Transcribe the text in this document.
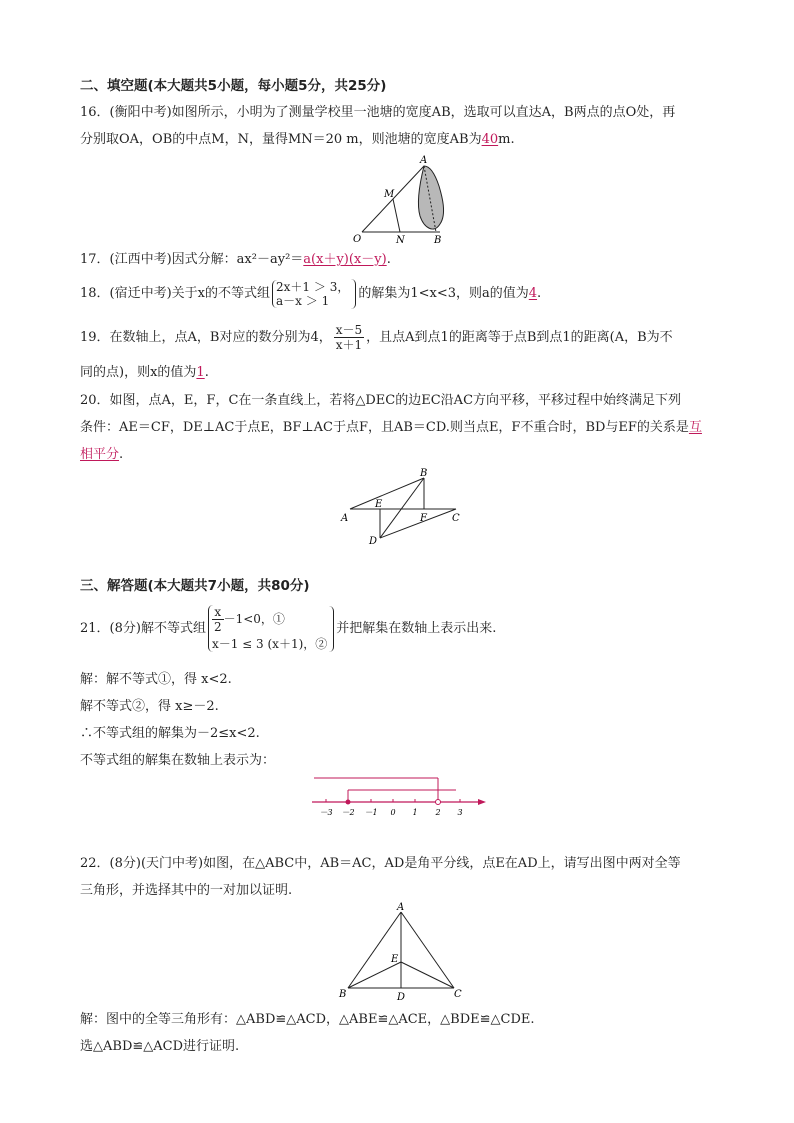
二、填空题(本大题共5小题，每小题5分，共25分)
16．(衡阳中考)如图所示，小明为了测量学校里一池塘的宽度AB，选取可以直达A，B两点的点O处，再
分别取OA，OB的中点M，N，量得MN＝20 m，则池塘的宽度AB为40m.
A
M
O	N	B
17．(江西中考)因式分解：ax²－ay²＝a(x＋y)(x－y).
18．(宿迁中考)关于x的不等式组 2x＋1 ＞ 3，
a－x ＞ 1	的解集为1<x<3，则a的值为4.
19．在数轴上，点A，B对应的数分别为4， $\frac{x-5}{x+1}$ ，且点A到点1的距离等于点B到点1的距离(A，B为不
同的点)，则x的值为1.
20．如图，点A，E，F，C在一条直线上，若将△DEC的边EC沿AC方向平移，平移过程中始终满足下列
条件：AE＝CF，DE⊥AC于点E，BF⊥AC于点F，且AB＝CD.则当点E，F不重合时，BD与EF的关系是互
相平分.
B
A
E
F	C
D
三、解答题(本大题共7小题，共80分)
21．(8分)解不等式组 $\frac{x}{2} -1<0$，①
x－1 ≤ 3 (x＋1)，②
并把解集在数轴上表示出来.
解：解不等式①，得 x<2.
解不等式②，得 x≥－2.
∴不等式组的解集为－2≤x<2.
不等式组的解集在数轴上表示为：
－3 －2 －1 0 1 2 3
22．(8分)(天门中考)如图，在△ABC中，AB＝AC，AD是角平分线，点E在AD上，请写出图中两对全等
三角形，并选择其中的一对加以证明.
A
E
B	D	C
解：图中的全等三角形有：△ABD≌△ACD，△ABE≌△ACE，△BDE≌△CDE.
选△ABD≌△ACD进行证明.
